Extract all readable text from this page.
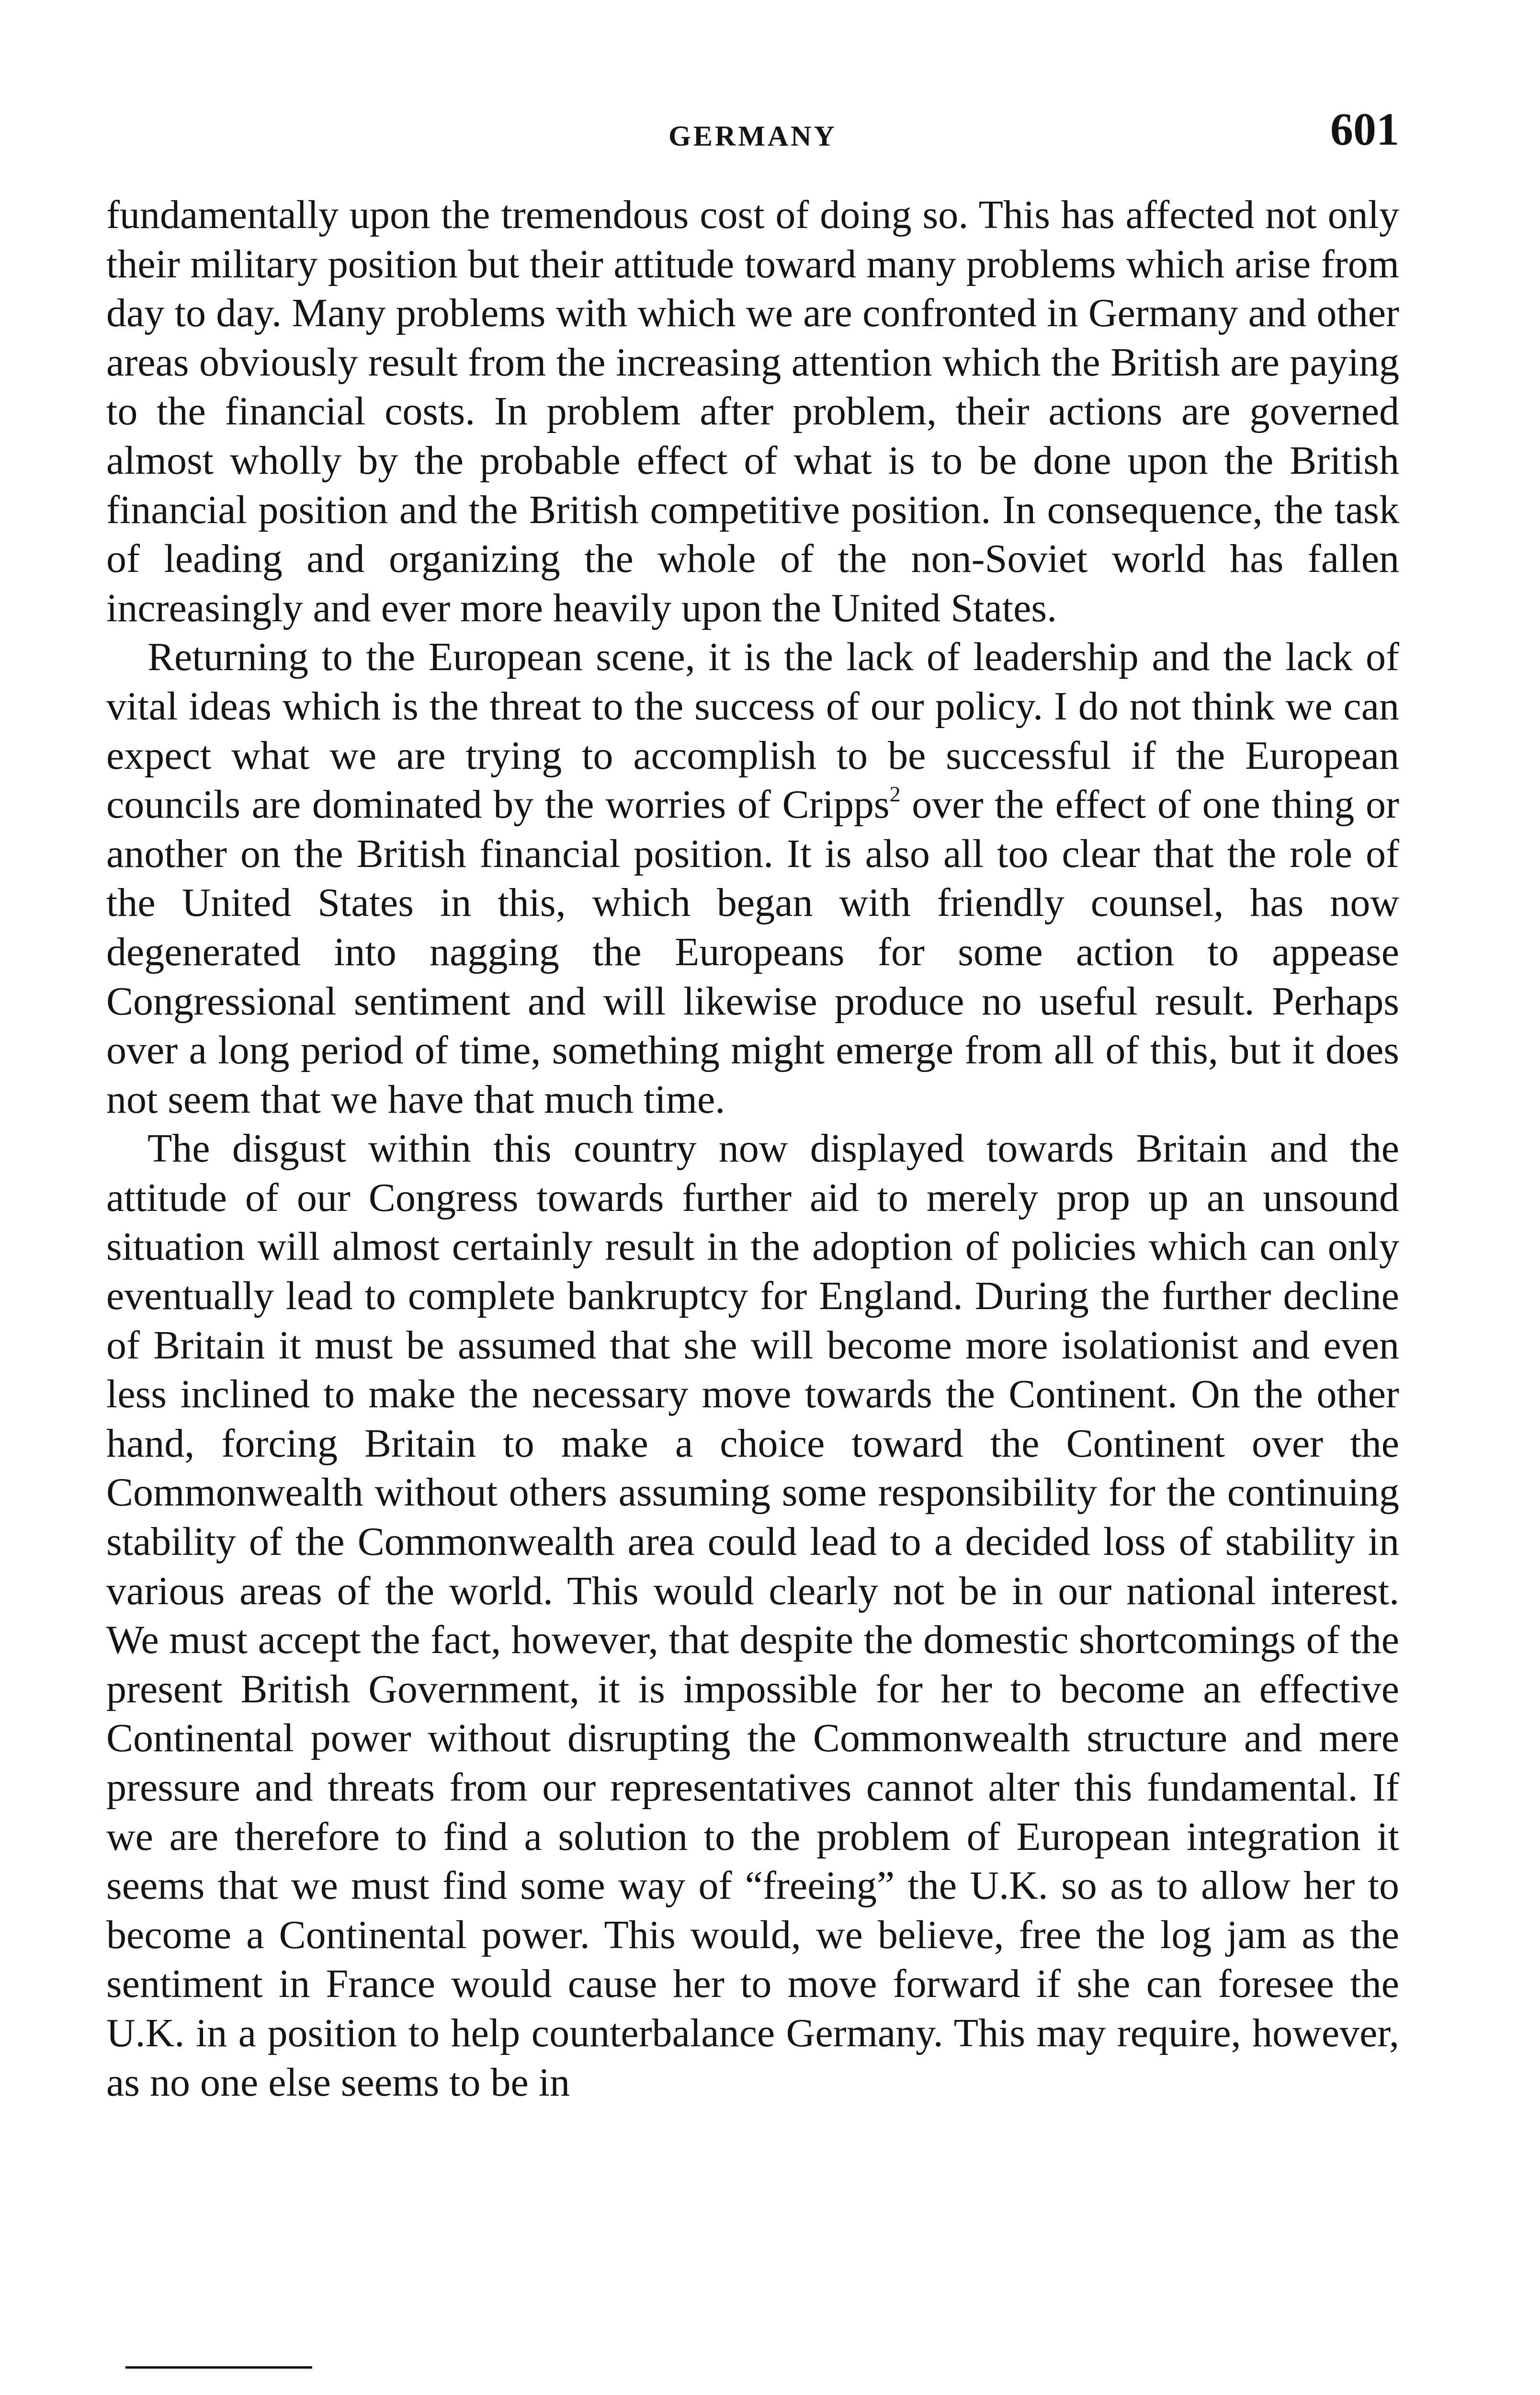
GERMANY	601

fundamentally upon the tremendous cost of doing so. This has affected not only their military position but their attitude toward many problems which arise from day to day. Many problems with which we are confronted in Germany and other areas obviously result from the increasing attention which the British are paying to the financial costs. In problem after problem, their actions are governed almost wholly by the probable effect of what is to be done upon the British financial position and the British competitive position. In consequence, the task of leading and organizing the whole of the non-Soviet world has fallen increasingly and ever more heavily upon the United States.

Returning to the European scene, it is the lack of leadership and the lack of vital ideas which is the threat to the success of our policy. I do not think we can expect what we are trying to accomplish to be successful if the European councils are dominated by the worries of Cripps$^2$ over the effect of one thing or another on the British financial position. It is also all too clear that the role of the United States in this, which began with friendly counsel, has now degenerated into nagging the Europeans for some action to appease Congressional sentiment and will likewise produce no useful result. Perhaps over a long period of time, something might emerge from all of this, but it does not seem that we have that much time.

The disgust within this country now displayed towards Britain and the attitude of our Congress towards further aid to merely prop up an unsound situation will almost certainly result in the adoption of policies which can only eventually lead to complete bankruptcy for England. During the further decline of Britain it must be assumed that she will become more isolationist and even less inclined to make the necessary move towards the Continent. On the other hand, forcing Britain to make a choice toward the Continent over the Commonwealth without others assuming some responsibility for the continuing stability of the Commonwealth area could lead to a decided loss of stability in various areas of the world. This would clearly not be in our national interest. We must accept the fact, however, that despite the domestic shortcomings of the present British Government, it is impossible for her to become an effective Continental power without disrupting the Commonwealth structure and mere pressure and threats from our representatives cannot alter this fundamental. If we are therefore to find a solution to the problem of European integration it seems that we must find some way of “freeing” the U.K. so as to allow her to become a Continental power. This would, we believe, free the log jam as the sentiment in France would cause her to move forward if she can foresee the U.K. in a position to help counterbalance Germany. This may require, however, as no one else seems to be in
